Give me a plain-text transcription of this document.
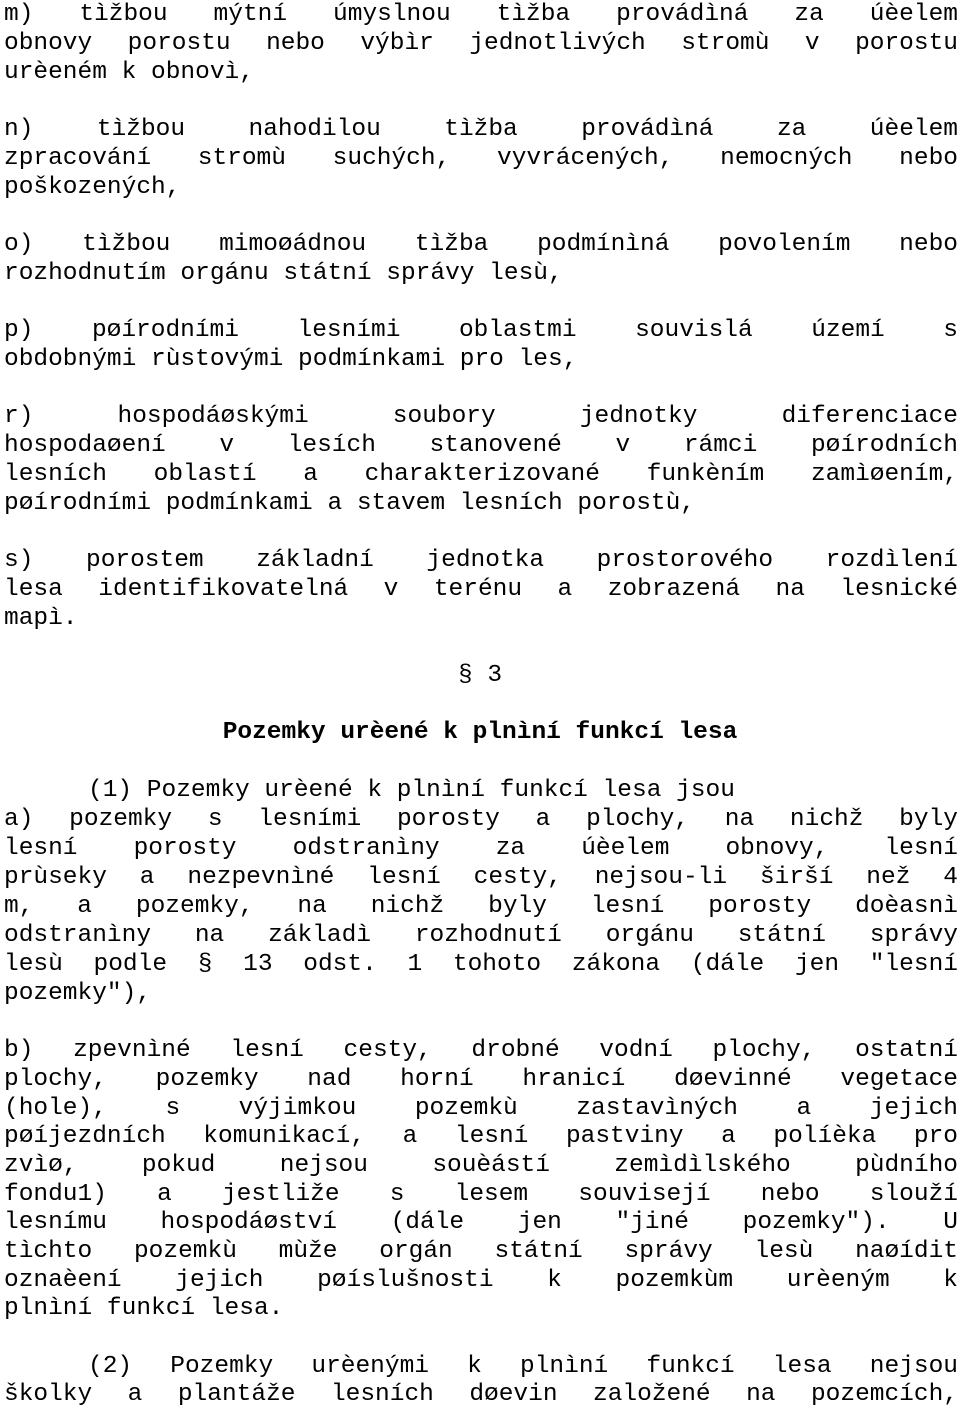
m) tìžbou mýtní úmyslnou tìžba provádìná za úèelem
obnovy porostu nebo výbìr jednotlivých stromù v porostu
urèeném k obnovì,
n) tìžbou nahodilou tìžba provádìná za úèelem
zpracování stromù suchých, vyvrácených, nemocných nebo
poškozených,
o) tìžbou mimoøádnou tìžba podmínìná povolením nebo
rozhodnutím orgánu státní správy lesù,
p) pøírodními lesními oblastmi souvislá území s
obdobnými rùstovými podmínkami pro les,
r) hospodáøskými soubory jednotky diferenciace
hospodaøení v lesích stanovené v rámci pøírodních
lesních oblastí a charakterizované funkèním zamìøením,
pøírodními podmínkami a stavem lesních porostù,
s) porostem základní jednotka prostorového rozdìlení
lesa identifikovatelná v terénu a zobrazená na lesnické
mapì.
§ 3
Pozemky urèené k plnìní funkcí lesa
(1) Pozemky urèené k plnìní funkcí lesa jsou
a) pozemky s lesními porosty a plochy, na nichž byly
lesní porosty odstranìny za úèelem obnovy, lesní
prùseky a nezpevnìné lesní cesty, nejsou-li širší než 4
m, a pozemky, na nichž byly lesní porosty doèasnì
odstranìny na základì rozhodnutí orgánu státní správy
lesù podle § 13 odst. 1 tohoto zákona (dále jen "lesní
pozemky"),
b) zpevnìné lesní cesty, drobné vodní plochy, ostatní
plochy, pozemky nad horní hranicí døevinné vegetace
(hole), s výjimkou pozemkù zastavìných a jejich
pøíjezdních komunikací, a lesní pastviny a políèka pro
zvìø, pokud nejsou souèástí zemìdìlského pùdního
fondu1) a jestliže s lesem souvisejí nebo slouží
lesnímu hospodáøství (dále jen "jiné pozemky"). U
tìchto pozemkù mùže orgán státní správy lesù naøídit
oznaèení jejich pøíslušnosti k pozemkùm urèeným k
plnìní funkcí lesa.
(2) Pozemky urèenými k plnìní funkcí lesa nejsou
školky a plantáže lesních døevin založené na pozemcích,
